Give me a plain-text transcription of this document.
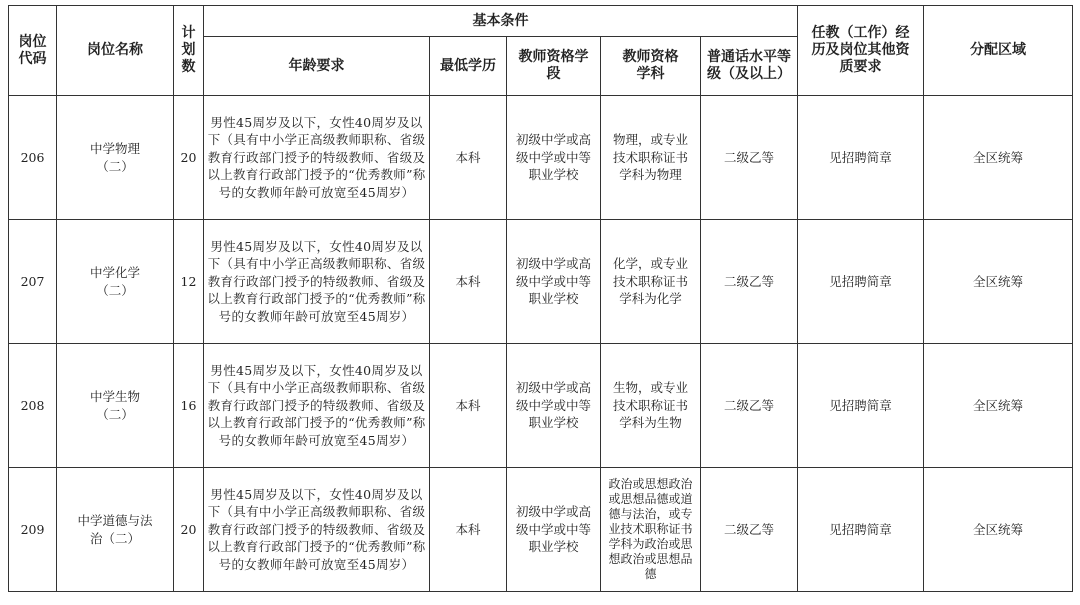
岗位代码	岗位名称	计划数	基本条件					任教（工作）经历及岗位其他资质要求	分配区域
			年龄要求	最低学历	教师资格学段	教师资格学科	普通话水平等级（及以上）		
206	中学物理（二）	20	男性45周岁及以下，女性40周岁及以下（具有中小学正高级教师职称、省级教育行政部门授予的特级教师、省级及以上教育行政部门授予的“优秀教师”称号的女教师年龄可放宽至45周岁）	本科	初级中学或高级中学或中等职业学校	物理，或专业技术职称证书学科为物理	二级乙等	见招聘简章	全区统筹
207	中学化学（二）	12	男性45周岁及以下，女性40周岁及以下（具有中小学正高级教师职称、省级教育行政部门授予的特级教师、省级及以上教育行政部门授予的“优秀教师”称号的女教师年龄可放宽至45周岁）	本科	初级中学或高级中学或中等职业学校	化学，或专业技术职称证书学科为化学	二级乙等	见招聘简章	全区统筹
208	中学生物（二）	16	男性45周岁及以下，女性40周岁及以下（具有中小学正高级教师职称、省级教育行政部门授予的特级教师、省级及以上教育行政部门授予的“优秀教师”称号的女教师年龄可放宽至45周岁）	本科	初级中学或高级中学或中等职业学校	生物，或专业技术职称证书学科为生物	二级乙等	见招聘简章	全区统筹
209	中学道德与法治（二）	20	男性45周岁及以下，女性40周岁及以下（具有中小学正高级教师职称、省级教育行政部门授予的特级教师、省级及以上教育行政部门授予的“优秀教师”称号的女教师年龄可放宽至45周岁）	本科	初级中学或高级中学或中等职业学校	政治或思想政治或思想品德或道德与法治，或专业技术职称证书学科为政治或思想政治或思想品德	二级乙等	见招聘简章	全区统筹
